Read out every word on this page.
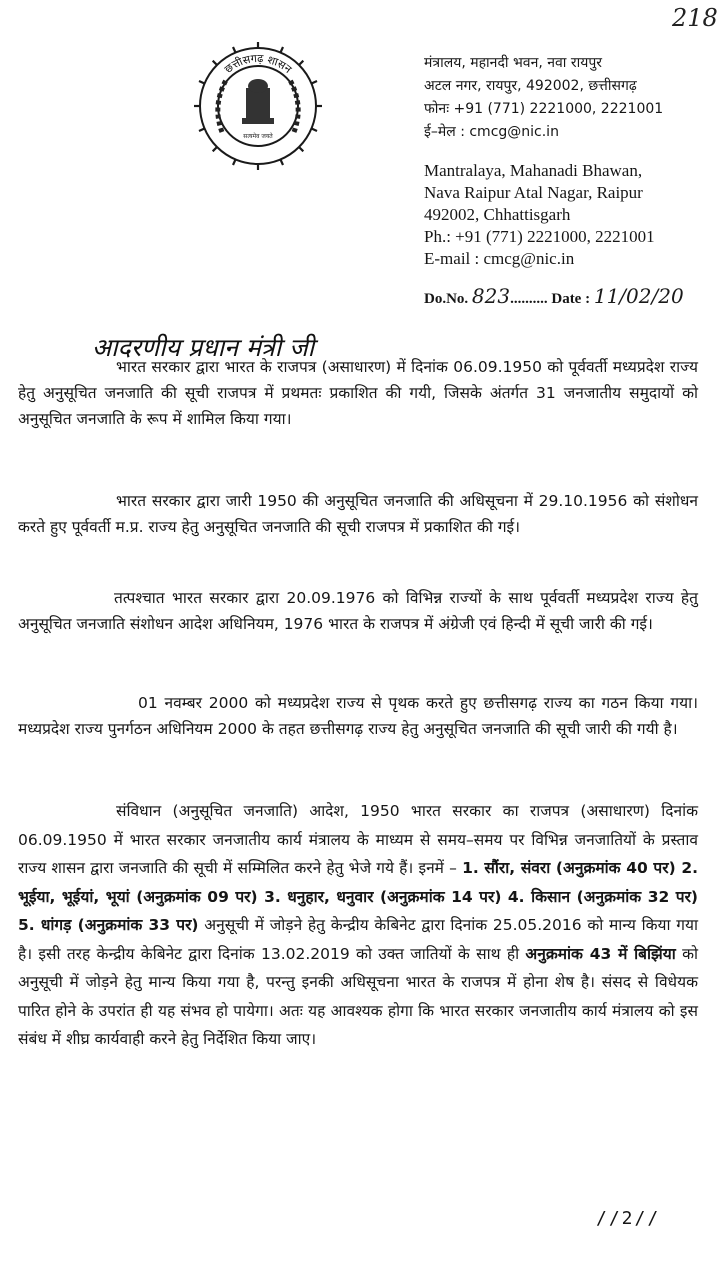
218
सत्यमेव जयते
छत्तीसगढ़ शासन	मंत्रालय, महानदी भवन, नवा रायपुर
अटल नगर, रायपुर, 492002, छत्तीसगढ़
फोनः +91 (771) 2221000, 2221001
ई–मेल : cmcg@nic.in
Mantralaya, Mahanadi Bhawan,
Nava Raipur Atal Nagar, Raipur
492002, Chhattisgarh
Ph.: +91 (771) 2221000, 2221001
E-mail : cmcg@nic.in
Do.No. 823.......... Date : 11/02/20
आदरणीय प्रधान मंत्री जी

भारत सरकार द्वारा भारत के राजपत्र (असाधारण) में दिनांक 06.09.1950 को पूर्ववर्ती मध्यप्रदेश राज्य हेतु अनुसूचित जनजाति की सूची राजपत्र में प्रथमतः प्रकाशित की गयी, जिसके अंतर्गत 31 जनजातीय समुदायों को अनुसूचित जनजाति के रूप में शामिल किया गया।

भारत सरकार द्वारा जारी 1950 की अनुसूचित जनजाति की अधिसूचना में 29.10.1956 को संशोधन करते हुए पूर्ववर्ती म.प्र. राज्य हेतु अनुसूचित जनजाति की सूची राजपत्र में प्रकाशित की गई।

तत्पश्चात भारत सरकार द्वारा 20.09.1976 को विभिन्न राज्यों के साथ पूर्ववर्ती मध्यप्रदेश राज्य हेतु अनुसूचित जनजाति संशोधन आदेश अधिनियम, 1976 भारत के राजपत्र में अंग्रेजी एवं हिन्दी में सूची जारी की गई।

01 नवम्बर 2000 को मध्यप्रदेश राज्य से पृथक करते हुए छत्तीसगढ़ राज्य का गठन किया गया। मध्यप्रदेश राज्य पुनर्गठन अधिनियम 2000 के तहत छत्तीसगढ़ राज्य हेतु अनुसूचित जनजाति की सूची जारी की गयी है।

संविधान (अनुसूचित जनजाति) आदेश, 1950 भारत सरकार का राजपत्र (असाधारण) दिनांक 06.09.1950 में भारत सरकार जनजातीय कार्य मंत्रालय के माध्यम से समय–समय पर विभिन्न जनजातियों के प्रस्ताव राज्य शासन द्वारा जनजाति की सूची में सम्मिलित करने हेतु भेजे गये हैं। इनमें – 1. सौंरा, संवरा (अनुक्रमांक 40 पर) 2. भूईया, भूईयां, भूयां (अनुक्रमांक 09 पर) 3. धनुहार, धनुवार (अनुक्रमांक 14 पर) 4. किसान (अनुक्रमांक 32 पर) 5. धांगड़ (अनुक्रमांक 33 पर) अनुसूची में जोड़ने हेतु केन्द्रीय केबिनेट द्वारा दिनांक 25.05.2016 को मान्य किया गया है। इसी तरह केन्द्रीय केबिनेट द्वारा दिनांक 13.02.2019 को उक्त जातियों के साथ ही अनुक्रमांक 43 में बिझिंया को अनुसूची में जोड़ने हेतु मान्य किया गया है, परन्तु इनकी अधिसूचना भारत के राजपत्र में होना शेष है। संसद से विधेयक पारित होने के उपरांत ही यह संभव हो पायेगा। अतः यह आवश्यक होगा कि भारत सरकार जनजातीय कार्य मंत्रालय को इस संबंध में शीघ्र कार्यवाही करने हेतु निर्देशित किया जाए।

//2//
